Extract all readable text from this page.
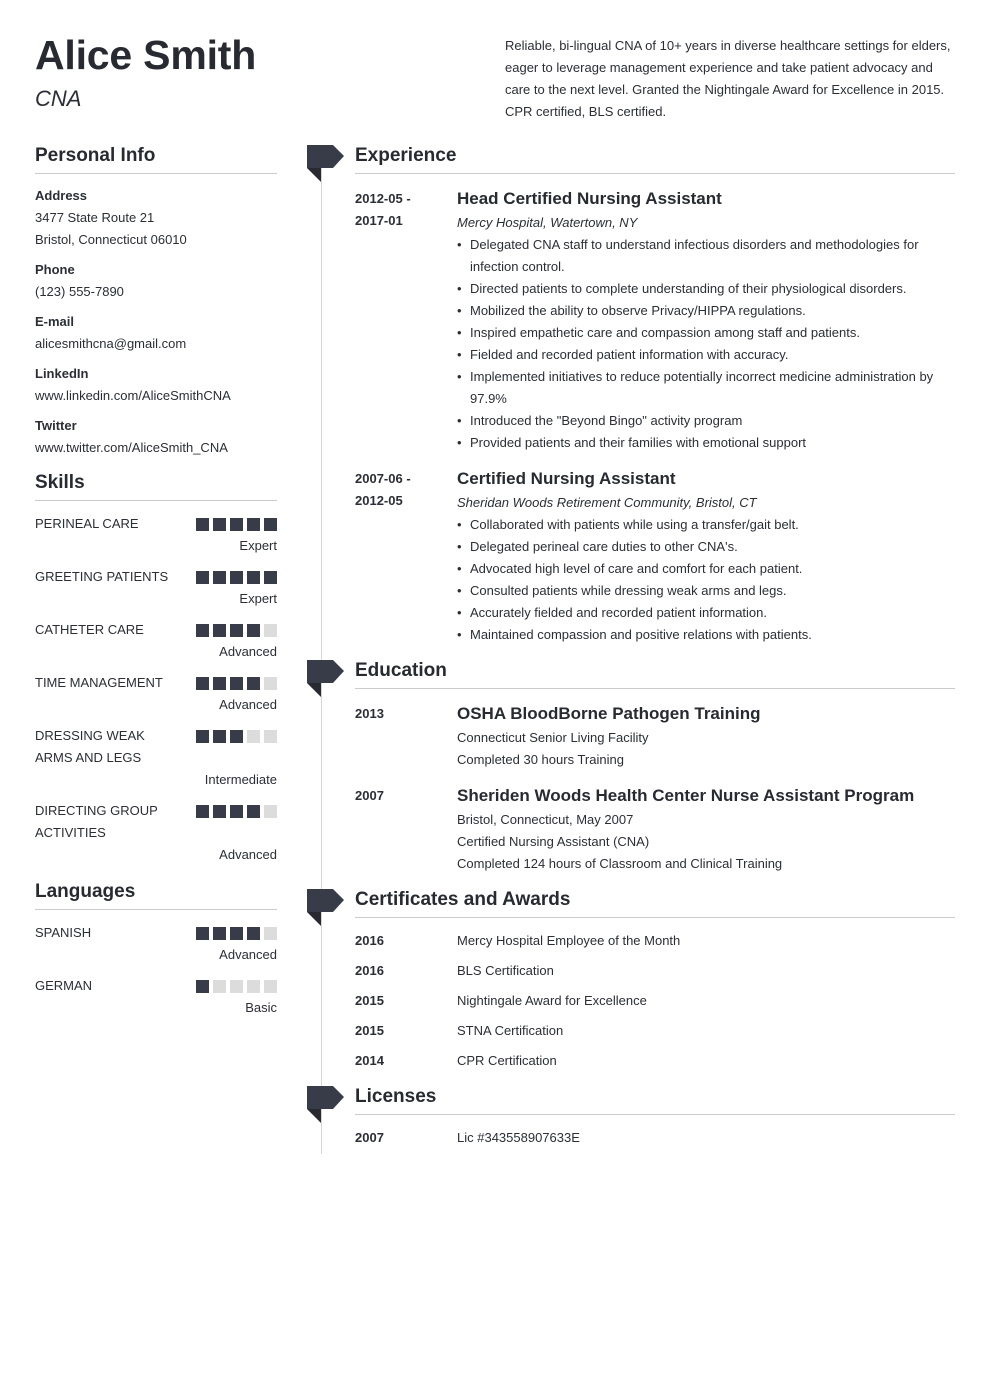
Alice Smith
CNA
Reliable, bi-lingual CNA of 10+ years in diverse healthcare settings for elders, eager to leverage management experience and take patient advocacy and care to the next level. Granted the Nightingale Award for Excellence in 2015. CPR certified, BLS certified.
Personal Info
Address
3477 State Route 21
Bristol, Connecticut 06010
Phone
(123) 555-7890
E-mail
alicesmithcna@gmail.com
LinkedIn
www.linkedin.com/AliceSmithCNA
Twitter
www.twitter.com/AliceSmith_CNA
Skills
PERINEAL CARE
Expert
GREETING PATIENTS
Expert
CATHETER CARE
Advanced
TIME MANAGEMENT
Advanced
DRESSING WEAK ARMS AND LEGS
Intermediate
DIRECTING GROUP ACTIVITIES
Advanced
Languages
SPANISH
Advanced
GERMAN
Basic
Experience
2012-05 -
2017-01
Head Certified Nursing Assistant
Mercy Hospital, Watertown, NY
• Delegated CNA staff to understand infectious disorders and methodologies for infection control.
• Directed patients to complete understanding of their physiological disorders.
• Mobilized the ability to observe Privacy/HIPPA regulations.
• Inspired empathetic care and compassion among staff and patients.
• Fielded and recorded patient information with accuracy.
• Implemented initiatives to reduce potentially incorrect medicine administration by 97.9%
• Introduced the "Beyond Bingo" activity program
• Provided patients and their families with emotional support
2007-06 -
2012-05
Certified Nursing Assistant
Sheridan Woods Retirement Community, Bristol, CT
• Collaborated with patients while using a transfer/gait belt.
• Delegated perineal care duties to other CNA's.
• Advocated high level of care and comfort for each patient.
• Consulted patients while dressing weak arms and legs.
• Accurately fielded and recorded patient information.
• Maintained compassion and positive relations with patients.
Education
2013	OSHA BloodBorne Pathogen Training
Connecticut Senior Living Facility
Completed 30 hours Training
2007	Sheriden Woods Health Center Nurse Assistant Program
Bristol, Connecticut, May 2007
Certified Nursing Assistant (CNA)
Completed 124 hours of Classroom and Clinical Training
Certificates and Awards
2016	Mercy Hospital Employee of the Month
2016	BLS Certification
2015	Nightingale Award for Excellence
2015	STNA Certification
2014	CPR Certification
Licenses
2007	Lic #343558907633E
